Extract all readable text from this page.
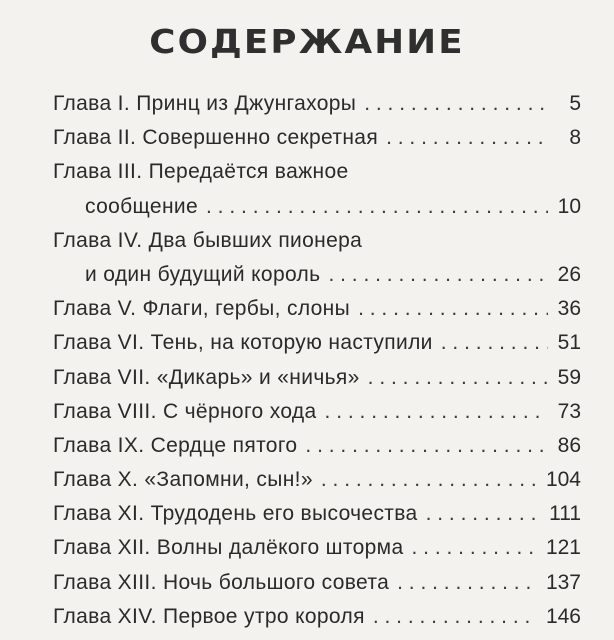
СОДЕРЖАНИЕ
Глава I. Принц из Джунгахоры . . .	5
Глава II. Совершенно секретная . . .	8
Глава III. Передаётся важное
сообщение . . .	10
Глава IV. Два бывших пионера
и один будущий король . . .	26
Глава V. Флаги, гербы, слоны . . .	36
Глава VI. Тень, на которую наступили . . .	51
Глава VII. «Дикарь» и «ничья» . . .	59
Глава VIII. С чёрного хода . . .	73
Глава IX. Сердце пятого . . .	86
Глава X. «Запомни, сын!» . . .	104
Глава XI. Трудодень его высочества . . .	111
Глава XII. Волны далёкого шторма . . .	121
Глава XIII. Ночь большого совета . . .	137
Глава XIV. Первое утро короля . . .	146
